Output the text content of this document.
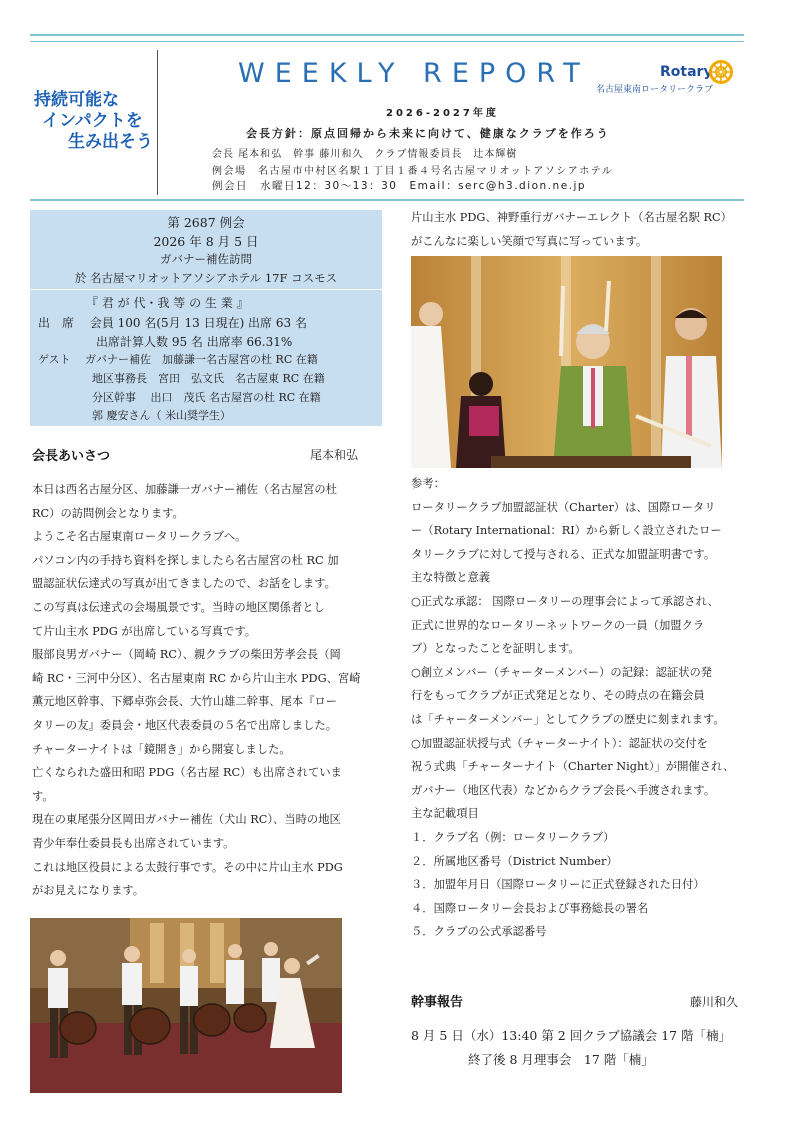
持続可能な
インパクトを
生み出そう
WEEKLY REPORT	Rotary
名古屋東南ロータリークラブ
2026-2027年度
会長方針：原点回帰から未来に向けて、健康なクラブを作ろう
会長 尾本和弘　幹事 藤川和久　クラブ情報委員長　辻本輝樹
例会場　名古屋市中村区名駅１丁目１番４号名古屋マリオットアソシアホテル
例会日　水曜日12：30～13：30　Email：serc@h3.dion.ne.jp
第 2687 例会
2026 年 8 月 5 日
ガバナー補佐訪問
於 名古屋マリオットアソシアホテル 17F コスモス
『 君 が 代・我 等 の 生 業 』
出　席　 会員 100 名(5月 13 日現在) 出席 63 名
出席計算人数 95 名 出席率 66.31%
ゲスト　 ガバナー補佐　加藤謙一名古屋宮の杜 RC 在籍
地区事務長　宮田　弘文氏　名古屋東 RC 在籍
分区幹事　 出口　茂氏 名古屋宮の杜 RC 在籍
郭 慶安さん（ 米山奨学生）
会長あいさつ	尾本和弘

本日は西名古屋分区、加藤謙一ガバナー補佐（名古屋宮の杜

RC）の訪問例会となります。

ようこそ名古屋東南ロータリークラブへ。

パソコン内の手持ち資料を探しましたら名古屋宮の杜 RC 加

盟認証状伝達式の写真が出てきましたので、お話をします。

この写真は伝達式の会場風景です。当時の地区関係者とし

て片山主水 PDG が出席している写真です。

服部良男ガバナー（岡崎 RC）、親クラブの柴田芳孝会長（岡

崎 RC・三河中分区）、名古屋東南 RC から片山主水 PDG、宮崎

薫元地区幹事、下郷卓弥会長、大竹山雄二幹事、尾本『ロー

タリーの友』委員会・地区代表委員の５名で出席しました。

チャーターナイトは「鏡開き」から開宴しました。

亡くなられた盛田和昭 PDG（名古屋 RC）も出席されていま

す。

現在の東尾張分区岡田ガバナー補佐（犬山 RC）、当時の地区

青少年奉仕委員長も出席されています。

これは地区役員による太鼓行事です。その中に片山主水 PDG

がお見えになります。

片山主水 PDG、神野重行ガバナーエレクト（名古屋名駅 RC）

がこんなに楽しい笑顔で写真に写っています。

参考：

ロータリークラブ加盟認証状（Charter）は、国際ロータリ

ー（Rotary International：RI）から新しく設立されたロー

タリークラブに対して授与される、正式な加盟証明書です。

主な特徴と意義

○正式な承認： 国際ロータリーの理事会によって承認され、

正式に世界的なロータリーネットワークの一員（加盟クラ

ブ）となったことを証明します。

○創立メンバー（チャーターメンバー）の記録：認証状の発

行をもってクラブが正式発足となり、その時点の在籍会員

は「チャーターメンバー」としてクラブの歴史に刻まれます。

○加盟認証状授与式（チャーターナイト）：認証状の交付を

祝う式典「チャーターナイト（Charter Night）」が開催され、

ガバナー（地区代表）などからクラブ会長へ手渡されます。

主な記載項目

１．クラブ名（例：ロータリークラブ）

２．所属地区番号（District Number）

３．加盟年月日（国際ロータリーに正式登録された日付）

４．国際ロータリー会長および事務総長の署名

５．クラブの公式承認番号

幹事報告	藤川和久
8 月 5 日（水）13:40 第 2 回クラブ協議会 17 階「楠」
終了後 8 月理事会　17 階「楠」
